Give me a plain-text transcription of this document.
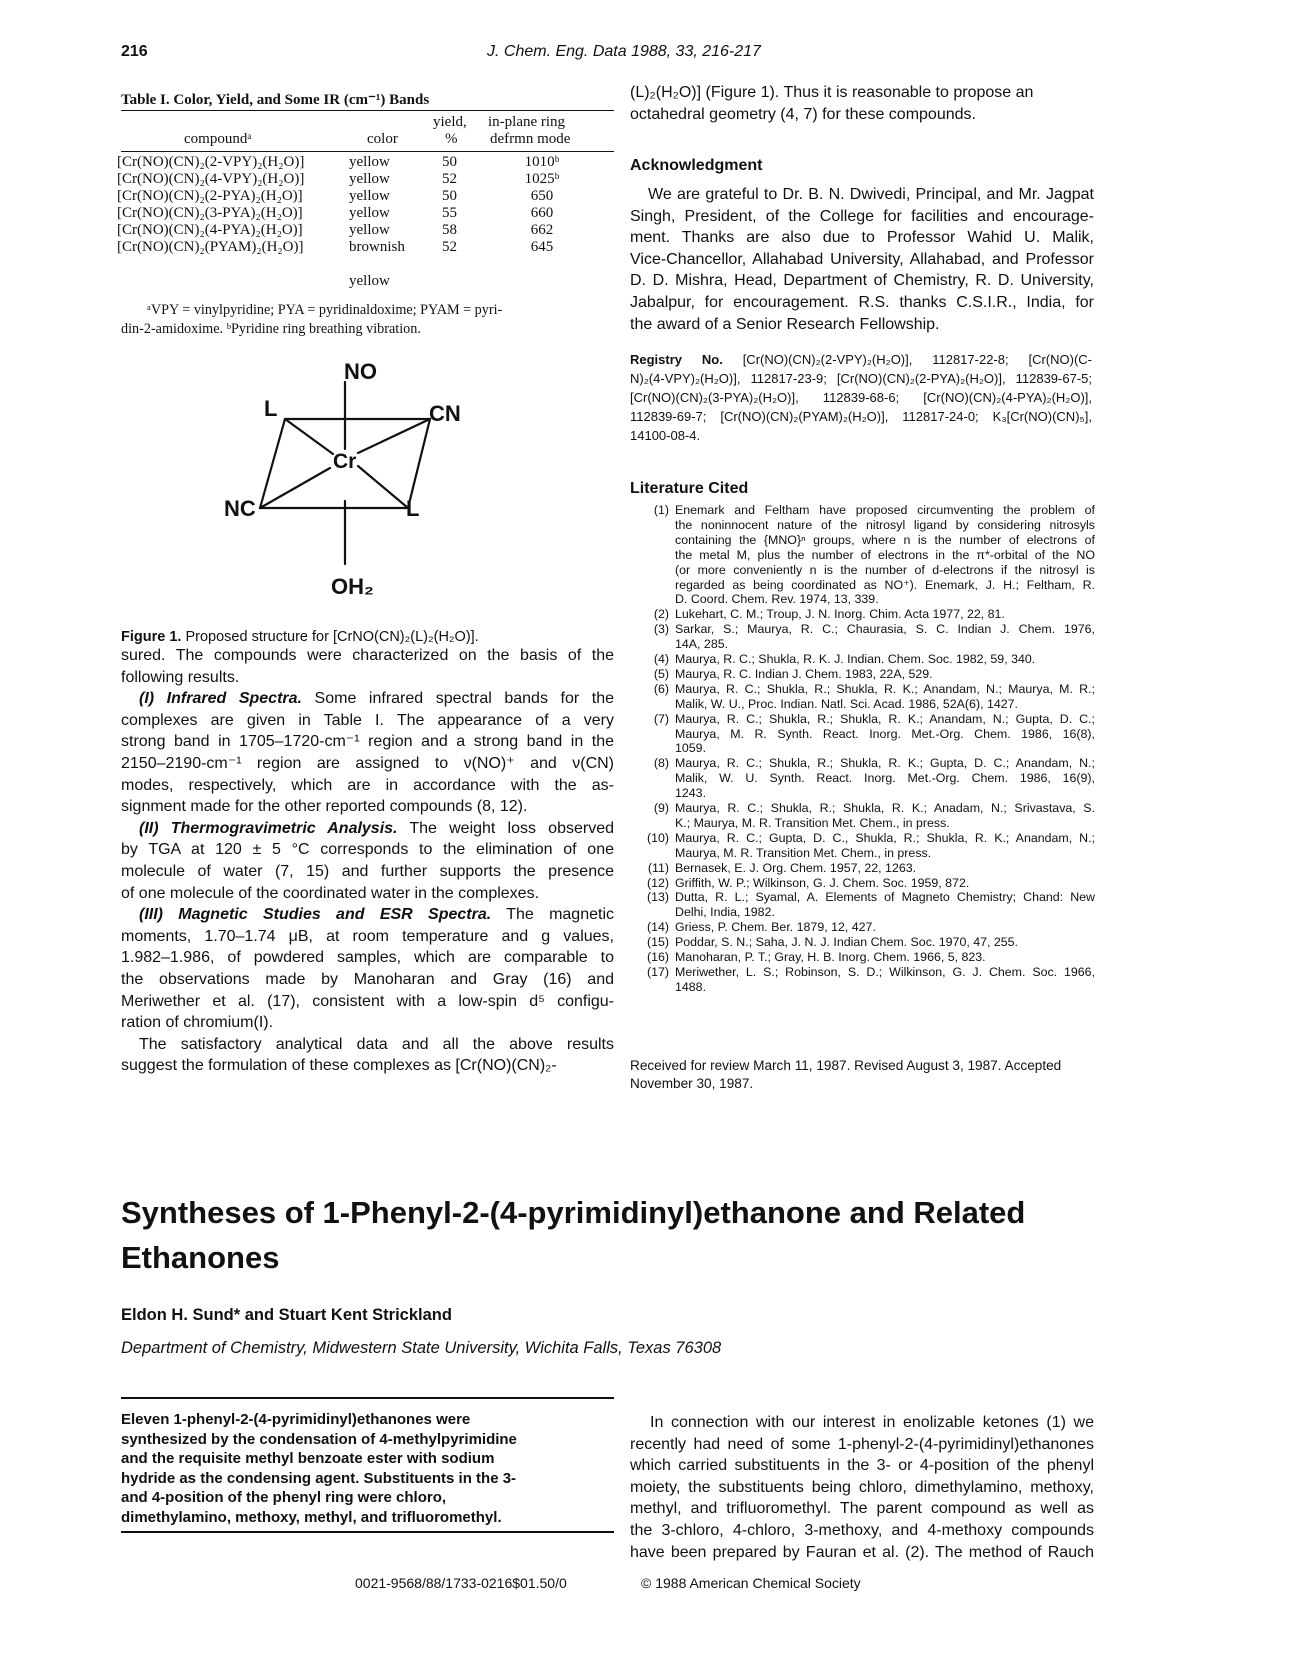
216	J. Chem. Eng. Data 1988, 33, 216-217
Table I. Color, Yield, and Some IR (cm⁻¹) Bands
yield, in-plane ring
compoundᵃ	color	% defrmn mode
[Cr(NO)(CN)₂(2-VPY)₂(H₂O)]	yellow	50	1010ᵇ
[Cr(NO)(CN)₂(4-VPY)₂(H₂O)]	yellow	52	1025ᵇ
[Cr(NO)(CN)₂(2-PYA)₂(H₂O)]	yellow	50	650
[Cr(NO)(CN)₂(3-PYA)₂(H₂O)]	yellow	55	660
[Cr(NO)(CN)₂(4-PYA)₂(H₂O)]	yellow	58	662
[Cr(NO)(CN)₂(PYAM)₂(H₂O)]	brownish 52	645
yellow
ᵃVPY = vinylpyridine; PYA = pyridinaldoxime; PYAM = pyri-
din-2-amidoxime. ᵇPyridine ring breathing vibration.
NO
OH₂
L	CN
NC	L
Cr
Figure 1. Proposed structure for [CrNO(CN)₂(L)₂(H₂O)].
sured. The compounds were characterized on the basis of the
following results.
(I) Infrared Spectra. Some infrared spectral bands for the
complexes are given in Table I. The appearance of a very
strong band in 1705–1720-cm⁻¹ region and a strong band in the
2150–2190-cm⁻¹ region are assigned to ν(NO)⁺ and ν(CN)
modes, respectively, which are in accordance with the as-
signment made for the other reported compounds (8, 12).
(II) Thermogravimetric Analysis. The weight loss observed
by TGA at 120 ± 5 °C corresponds to the elimination of one
molecule of water (7, 15) and further supports the presence
of one molecule of the coordinated water in the complexes.
(III) Magnetic Studies and ESR Spectra. The magnetic
moments, 1.70–1.74 μB, at room temperature and g values,
1.982–1.986, of powdered samples, which are comparable to
the observations made by Manoharan and Gray (16) and
Meriwether et al. (17), consistent with a low-spin d⁵ configu-
ration of chromium(I).
The satisfactory analytical data and all the above results
suggest the formulation of these complexes as [Cr(NO)(CN)₂-
(L)₂(H₂O)] (Figure 1). Thus it is reasonable to propose an
octahedral geometry (4, 7) for these compounds.
Acknowledgment
We are grateful to Dr. B. N. Dwivedi, Principal, and Mr. Jagpat
Singh, President, of the College for facilities and encourage-
ment. Thanks are also due to Professor Wahid U. Malik,
Vice-Chancellor, Allahabad University, Allahabad, and Professor
D. D. Mishra, Head, Department of Chemistry, R. D. University,
Jabalpur, for encouragement. R.S. thanks C.S.I.R., India, for
the award of a Senior Research Fellowship.
Registry No. [Cr(NO)(CN)₂(2-VPY)₂(H₂O)], 112817-22-8; [Cr(NO)(C-
N)₂(4-VPY)₂(H₂O)], 112817-23-9; [Cr(NO)(CN)₂(2-PYA)₂(H₂O)], 112839-67-5;
[Cr(NO)(CN)₂(3-PYA)₂(H₂O)], 112839-68-6; [Cr(NO)(CN)₂(4-PYA)₂(H₂O)],
112839-69-7; [Cr(NO)(CN)₂(PYAM)₂(H₂O)], 112817-24-0; K₃[Cr(NO)(CN)₅],
14100-08-4.
Literature Cited
(1) Enemark and Feltham have proposed circumventing the problem of
the noninnocent nature of the nitrosyl ligand by considering nitrosyls
containing the {MNO}ⁿ groups, where n is the number of electrons of
the metal M, plus the number of electrons in the π*-orbital of the NO
(or more conveniently n is the number of d-electrons if the nitrosyl is
regarded as being coordinated as NO⁺). Enemark, J. H.; Feltham, R.
D. Coord. Chem. Rev. 1974, 13, 339.
(2) Lukehart, C. M.; Troup, J. N. Inorg. Chim. Acta 1977, 22, 81.
(3) Sarkar, S.; Maurya, R. C.; Chaurasia, S. C. Indian J. Chem. 1976,
14A, 285.
(4) Maurya, R. C.; Shukla, R. K. J. Indian. Chem. Soc. 1982, 59, 340.
(5) Maurya, R. C. Indian J. Chem. 1983, 22A, 529.
(6) Maurya, R. C.; Shukla, R.; Shukla, R. K.; Anandam, N.; Maurya, M. R.;
Malik, W. U., Proc. Indian. Natl. Sci. Acad. 1986, 52A(6), 1427.
(7) Maurya, R. C.; Shukla, R.; Shukla, R. K.; Anandam, N.; Gupta, D. C.;
Maurya, M. R. Synth. React. Inorg. Met.-Org. Chem. 1986, 16(8),
1059.
(8) Maurya, R. C.; Shukla, R.; Shukla, R. K.; Gupta, D. C.; Anandam, N.;
Malik, W. U. Synth. React. Inorg. Met.-Org. Chem. 1986, 16(9),
1243.
(9) Maurya, R. C.; Shukla, R.; Shukla, R. K.; Anadam, N.; Srivastava, S.
K.; Maurya, M. R. Transition Met. Chem., in press.
(10) Maurya, R. C.; Gupta, D. C., Shukla, R.; Shukla, R. K.; Anandam, N.;
Maurya, M. R. Transition Met. Chem., in press.
(11) Bernasek, E. J. Org. Chem. 1957, 22, 1263.
(12) Griffith, W. P.; Wilkinson, G. J. Chem. Soc. 1959, 872.
(13) Dutta, R. L.; Syamal, A. Elements of Magneto Chemistry; Chand: New
Delhi, India, 1982.
(14) Griess, P. Chem. Ber. 1879, 12, 427.
(15) Poddar, S. N.; Saha, J. N. J. Indian Chem. Soc. 1970, 47, 255.
(16) Manoharan, P. T.; Gray, H. B. Inorg. Chem. 1966, 5, 823.
(17) Meriwether, L. S.; Robinson, S. D.; Wilkinson, G. J. Chem. Soc. 1966,
1488.
Received for review March 11, 1987. Revised August 3, 1987. Accepted
November 30, 1987.
Syntheses of 1-Phenyl-2-(4-pyrimidinyl)ethanone and Related
Ethanones
Eldon H. Sund* and Stuart Kent Strickland
Department of Chemistry, Midwestern State University, Wichita Falls, Texas 76308
Eleven 1-phenyl-2-(4-pyrimidinyl)ethanones were
synthesized by the condensation of 4-methylpyrimidine
and the requisite methyl benzoate ester with sodium
hydride as the condensing agent. Substituents in the 3-
and 4-position of the phenyl ring were chloro,
dimethylamino, methoxy, methyl, and trifluoromethyl.
In connection with our interest in enolizable ketones (1) we
recently had need of some 1-phenyl-2-(4-pyrimidinyl)ethanones
which carried substituents in the 3- or 4-position of the phenyl
moiety, the substituents being chloro, dimethylamino, methoxy,
methyl, and trifluoromethyl. The parent compound as well as
the 3-chloro, 4-chloro, 3-methoxy, and 4-methoxy compounds
have been prepared by Fauran et al. (2). The method of Rauch
0021-9568/88/1733-0216$01.50/0	© 1988 American Chemical Society
